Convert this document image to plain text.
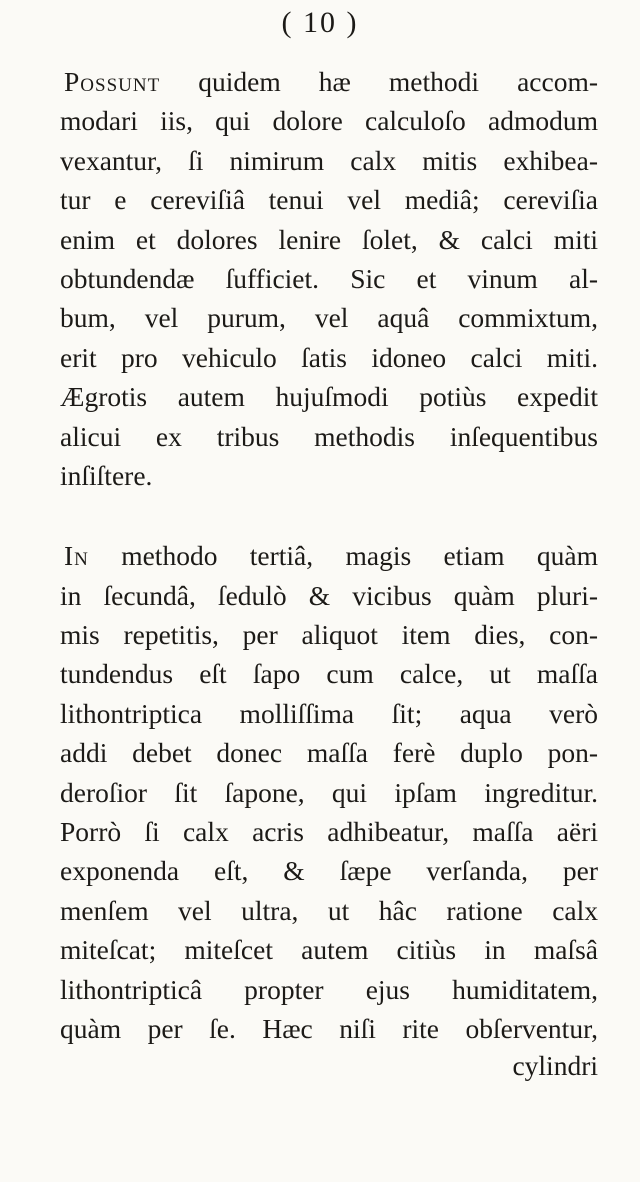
( 10 )
Possunt quidem hæ methodi accom-
modari iis, qui dolore calculoſo admodum
vexantur, ſi nimirum calx mitis exhibea-
tur e cereviſiâ tenui vel mediâ; cereviſia
enim et dolores lenire ſolet, & calci miti
obtundendæ ſufficiet. Sic et vinum al-
bum, vel purum, vel aquâ commixtum,
erit pro vehiculo ſatis idoneo calci miti.
Ægrotis autem hujuſmodi potiùs expedit
alicui ex tribus methodis inſequentibus
inſiſtere.
In methodo tertiâ, magis etiam quàm
in ſecundâ, ſedulò & vicibus quàm pluri-
mis repetitis, per aliquot item dies, con-
tundendus eſt ſapo cum calce, ut maſſa
lithontriptica molliſſima ſit; aqua verò
addi debet donec maſſa ferè duplo pon-
deroſior ſit ſapone, qui ipſam ingreditur.
Porrò ſi calx acris adhibeatur, maſſa aëri
exponenda eſt, & ſæpe verſanda, per
menſem vel ultra, ut hâc ratione calx
miteſcat; miteſcet autem citiùs in maſsâ
lithontripticâ propter ejus humiditatem,
quàm per ſe. Hæc niſi rite obſerventur,
cylindri
